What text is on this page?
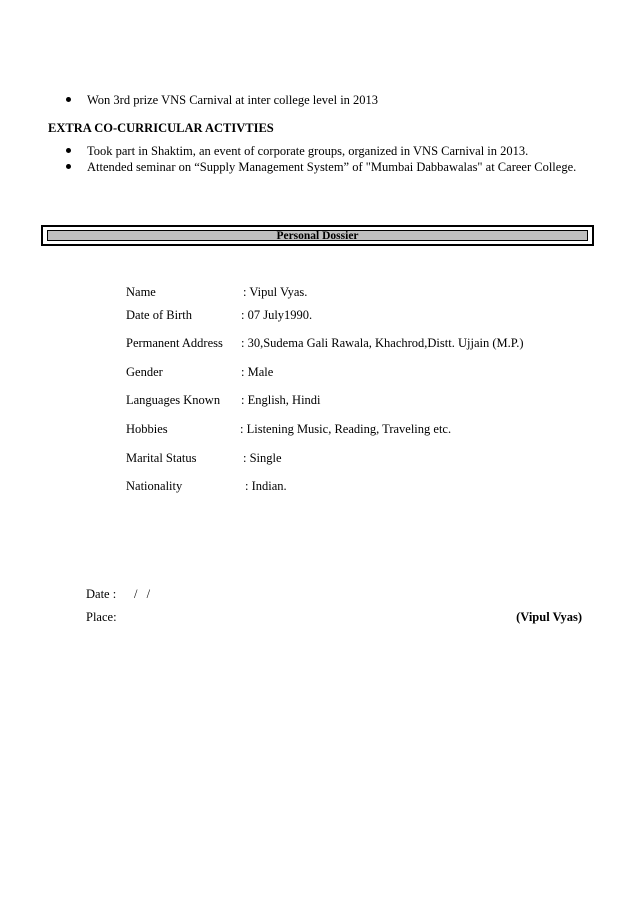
Won 3rd prize VNS Carnival at inter college level in 2013
EXTRA CO-CURRICULAR ACTIVTIES
Took part in Shaktim, an event of corporate groups, organized in VNS Carnival in 2013.
Attended seminar on “Supply Management System” of "Mumbai Dabbawalas" at Career College.
Personal Dossier
Name	: Vipul Vyas.
Date of Birth	: 07 July1990.
Permanent Address : 30,Sudema Gali Rawala, Khachrod,Distt. Ujjain (M.P.)
Gender	: Male
Languages Known : English, Hindi
Hobbies	: Listening Music, Reading, Traveling etc.
Marital Status	: Single
Nationality	: Indian.
Date : / /
Place:	(Vipul Vyas)
